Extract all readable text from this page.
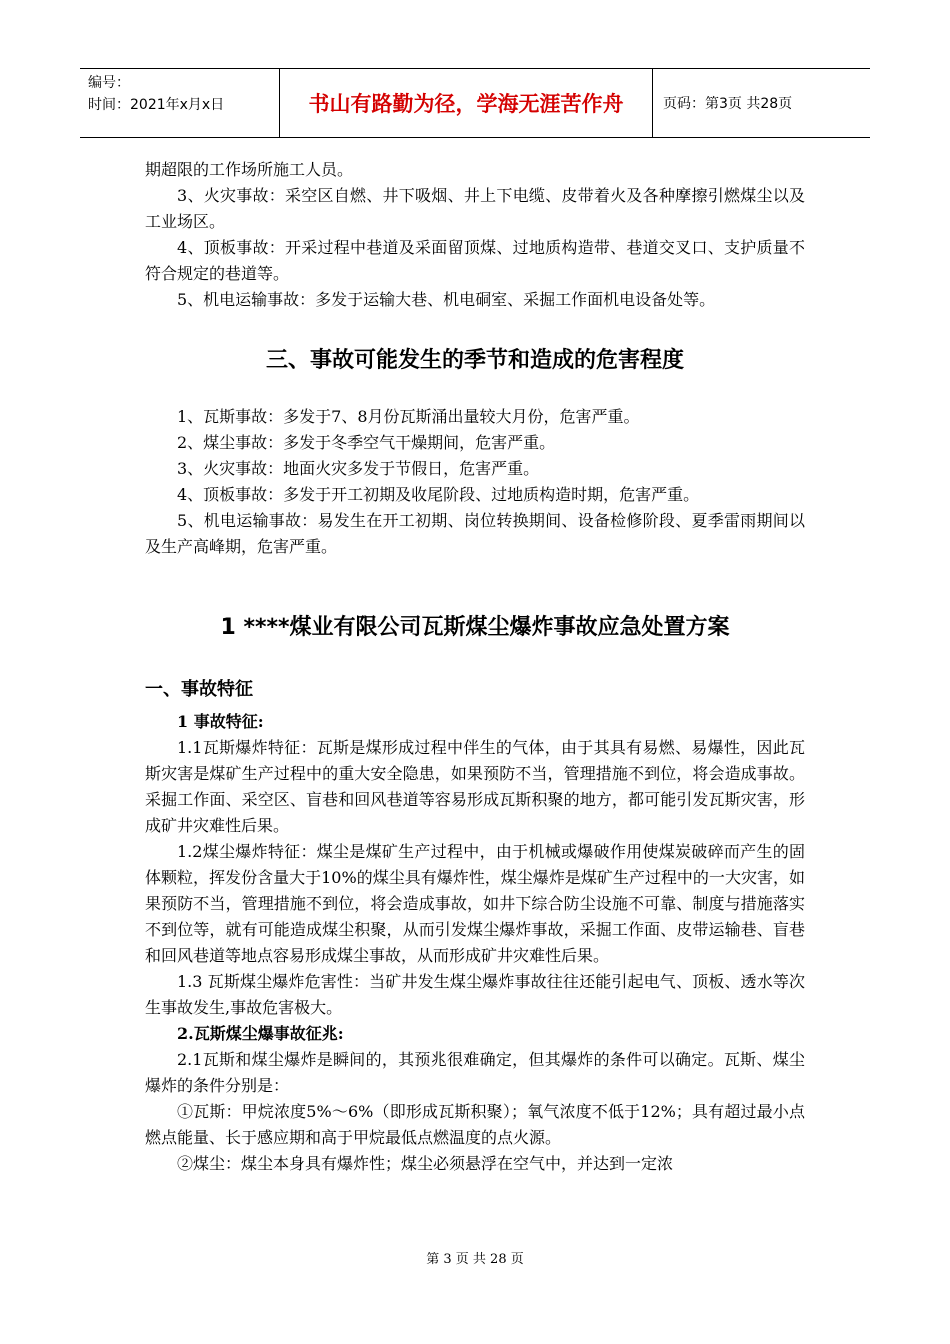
编号：
时间：2021年x月x日	书山有路勤为径，学海无涯苦作舟	页码：第3页 共28页

期超限的工作场所施工人员。

3、火灾事故：采空区自燃、井下吸烟、井上下电缆、皮带着火及各种摩擦引燃煤尘以及工业场区。

4、顶板事故：开采过程中巷道及采面留顶煤、过地质构造带、巷道交叉口、支护质量不符合规定的巷道等。

5、机电运输事故：多发于运输大巷、机电硐室、采掘工作面机电设备处等。

三、事故可能发生的季节和造成的危害程度

1、瓦斯事故：多发于7、8月份瓦斯涌出量较大月份，危害严重。

2、煤尘事故：多发于冬季空气干燥期间，危害严重。

3、火灾事故：地面火灾多发于节假日，危害严重。

4、顶板事故：多发于开工初期及收尾阶段、过地质构造时期，危害严重。

5、机电运输事故：易发生在开工初期、岗位转换期间、设备检修阶段、夏季雷雨期间以及生产高峰期，危害严重。

1 ****煤业有限公司瓦斯煤尘爆炸事故应急处置方案
一、事故特征

1 事故特征:

1.1瓦斯爆炸特征：瓦斯是煤形成过程中伴生的气体，由于其具有易燃、易爆性，因此瓦斯灾害是煤矿生产过程中的重大安全隐患，如果预防不当，管理措施不到位，将会造成事故。采掘工作面、采空区、盲巷和回风巷道等容易形成瓦斯积聚的地方，都可能引发瓦斯灾害，形成矿井灾难性后果。

1.2煤尘爆炸特征：煤尘是煤矿生产过程中，由于机械或爆破作用使煤炭破碎而产生的固体颗粒，挥发份含量大于10%的煤尘具有爆炸性，煤尘爆炸是煤矿生产过程中的一大灾害，如果预防不当，管理措施不到位，将会造成事故，如井下综合防尘设施不可靠、制度与措施落实不到位等，就有可能造成煤尘积聚，从而引发煤尘爆炸事故，采掘工作面、皮带运输巷、盲巷和回风巷道等地点容易形成煤尘事故，从而形成矿井灾难性后果。

1.3 瓦斯煤尘爆炸危害性：当矿井发生煤尘爆炸事故往往还能引起电气、顶板、透水等次生事故发生,事故危害极大。

2.瓦斯煤尘爆事故征兆:

2.1瓦斯和煤尘爆炸是瞬间的，其预兆很难确定，但其爆炸的条件可以确定。瓦斯、煤尘爆炸的条件分别是：

①瓦斯：甲烷浓度5%～6%（即形成瓦斯积聚）；氧气浓度不低于12%；具有超过最小点燃点能量、长于感应期和高于甲烷最低点燃温度的点火源。

②煤尘：煤尘本身具有爆炸性；煤尘必须悬浮在空气中，并达到一定浓

第 3 页 共 28 页
